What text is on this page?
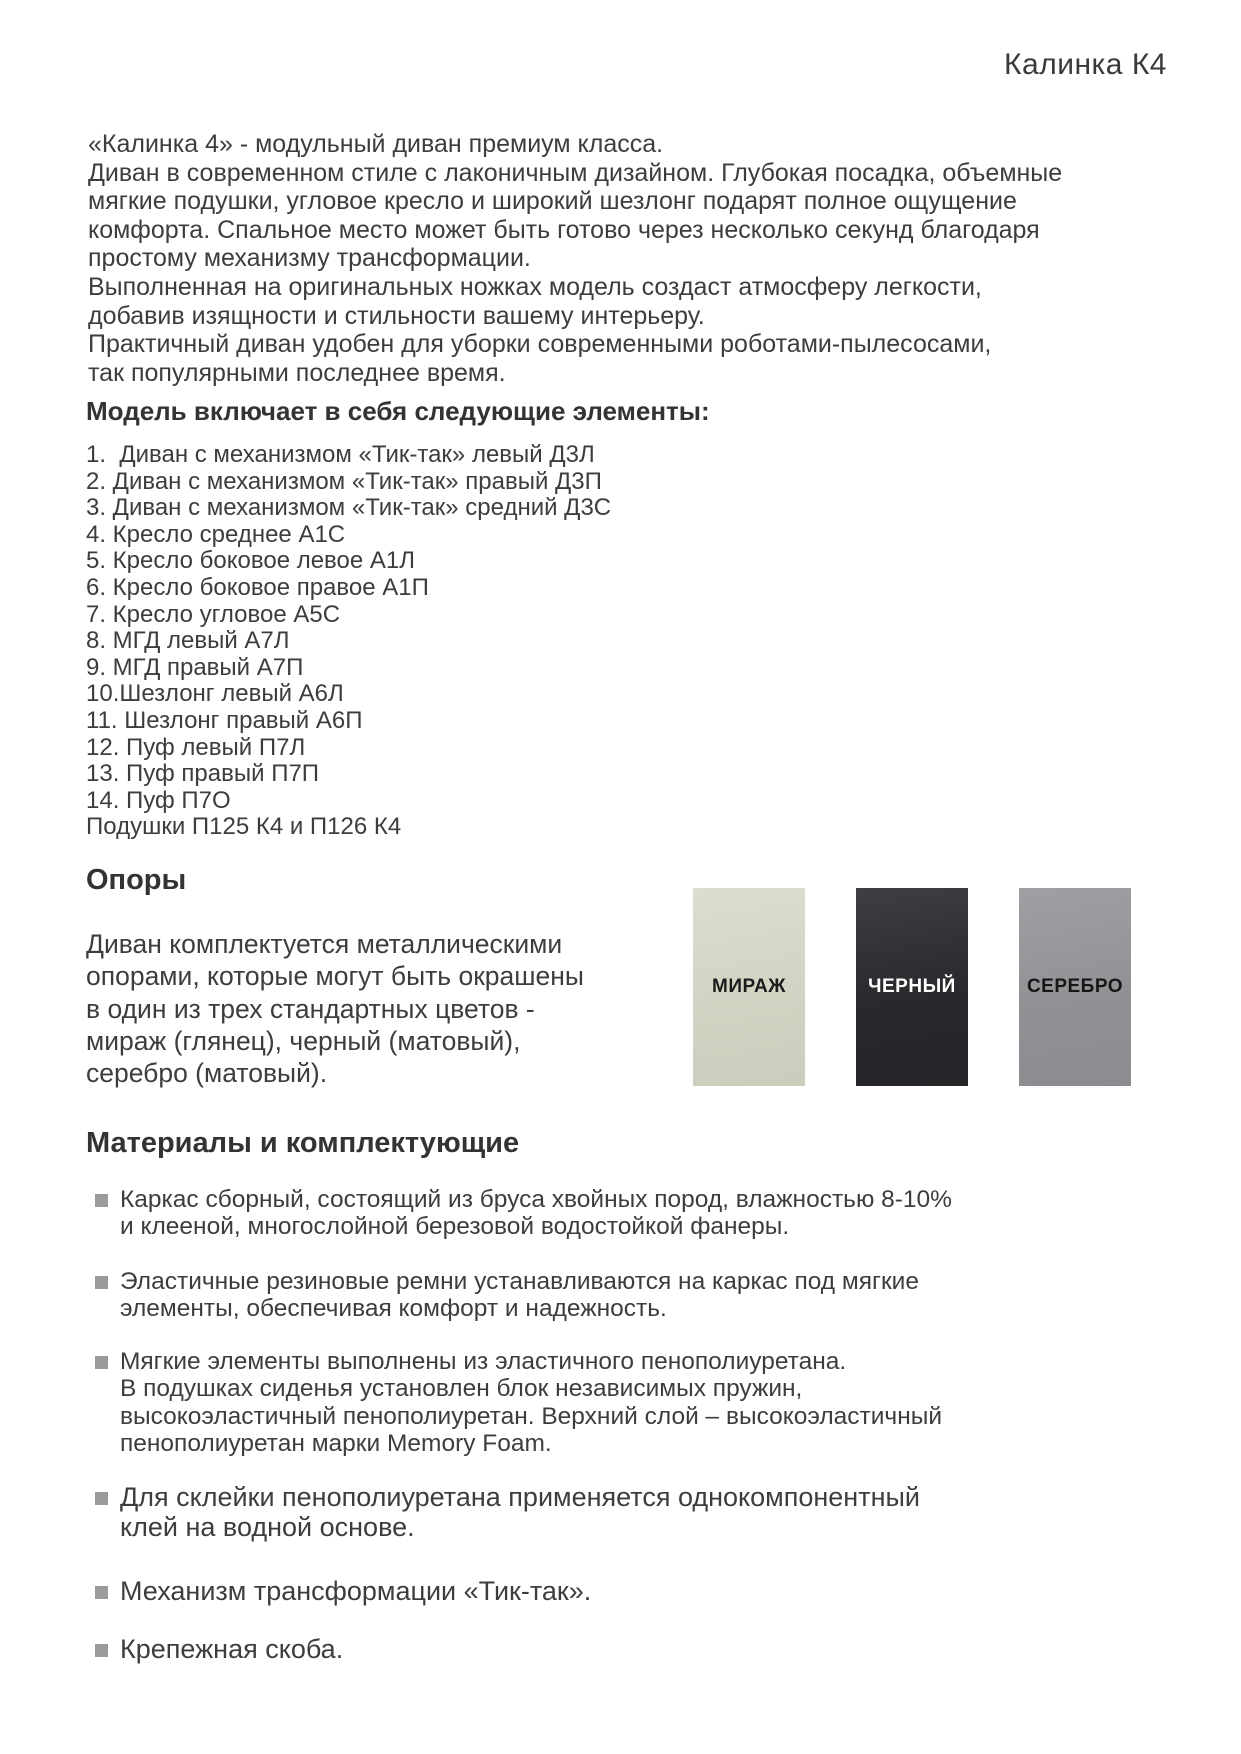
Калинка К4
«Калинка 4» - модульный диван премиум класса.
Диван в современном стиле с лаконичным дизайном. Глубокая посадка, объемные
мягкие подушки, угловое кресло и широкий шезлонг подарят полное ощущение
комфорта. Спальное место может быть готово через несколько секунд благодаря
простому механизму трансформации.
Выполненная на оригинальных ножках модель создаст атмосферу легкости,
добавив изящности и стильности вашему интерьеру.
Практичный диван удобен для уборки современными роботами-пылесосами,
так популярными последнее время.
Модель включает в себя следующие элементы:
1.  Диван с механизмом «Тик-так» левый Д3Л
2. Диван с механизмом «Тик-так» правый Д3П
3. Диван с механизмом «Тик-так» средний Д3С
4. Кресло среднее А1С
5. Кресло боковое левое А1Л
6. Кресло боковое правое А1П
7. Кресло угловое А5С
8. МГД левый А7Л
9. МГД правый А7П
10.Шезлонг левый А6Л
11. Шезлонг правый А6П
12. Пуф левый П7Л
13. Пуф правый П7П
14. Пуф П7О
Подушки П125 К4 и П126 К4
Опоры
Диван комплектуется металлическими
опорами, которые могут быть окрашены
в один из трех стандартных цветов -
мираж (глянец), черный (матовый),
серебро (матовый).
МИРАЖ	ЧЕРНЫЙ	СЕРЕБРО
Материалы и комплектующие
Каркас сборный, состоящий из бруса хвойных пород, влажностью 8-10%
и клееной, многослойной березовой водостойкой фанеры.
Эластичные резиновые ремни устанавливаются на каркас под мягкие
элементы, обеспечивая комфорт и надежность.
Мягкие элементы выполнены из эластичного пенополиуретана.
В подушках сиденья установлен блок независимых пружин,
высокоэластичный пенополиуретан. Верхний слой – высокоэластичный
пенополиуретан марки Memory Foam.
Для склейки пенополиуретана применяется однокомпонентный
клей на водной основе.
Механизм трансформации «Тик-так».
Крепежная скоба.
